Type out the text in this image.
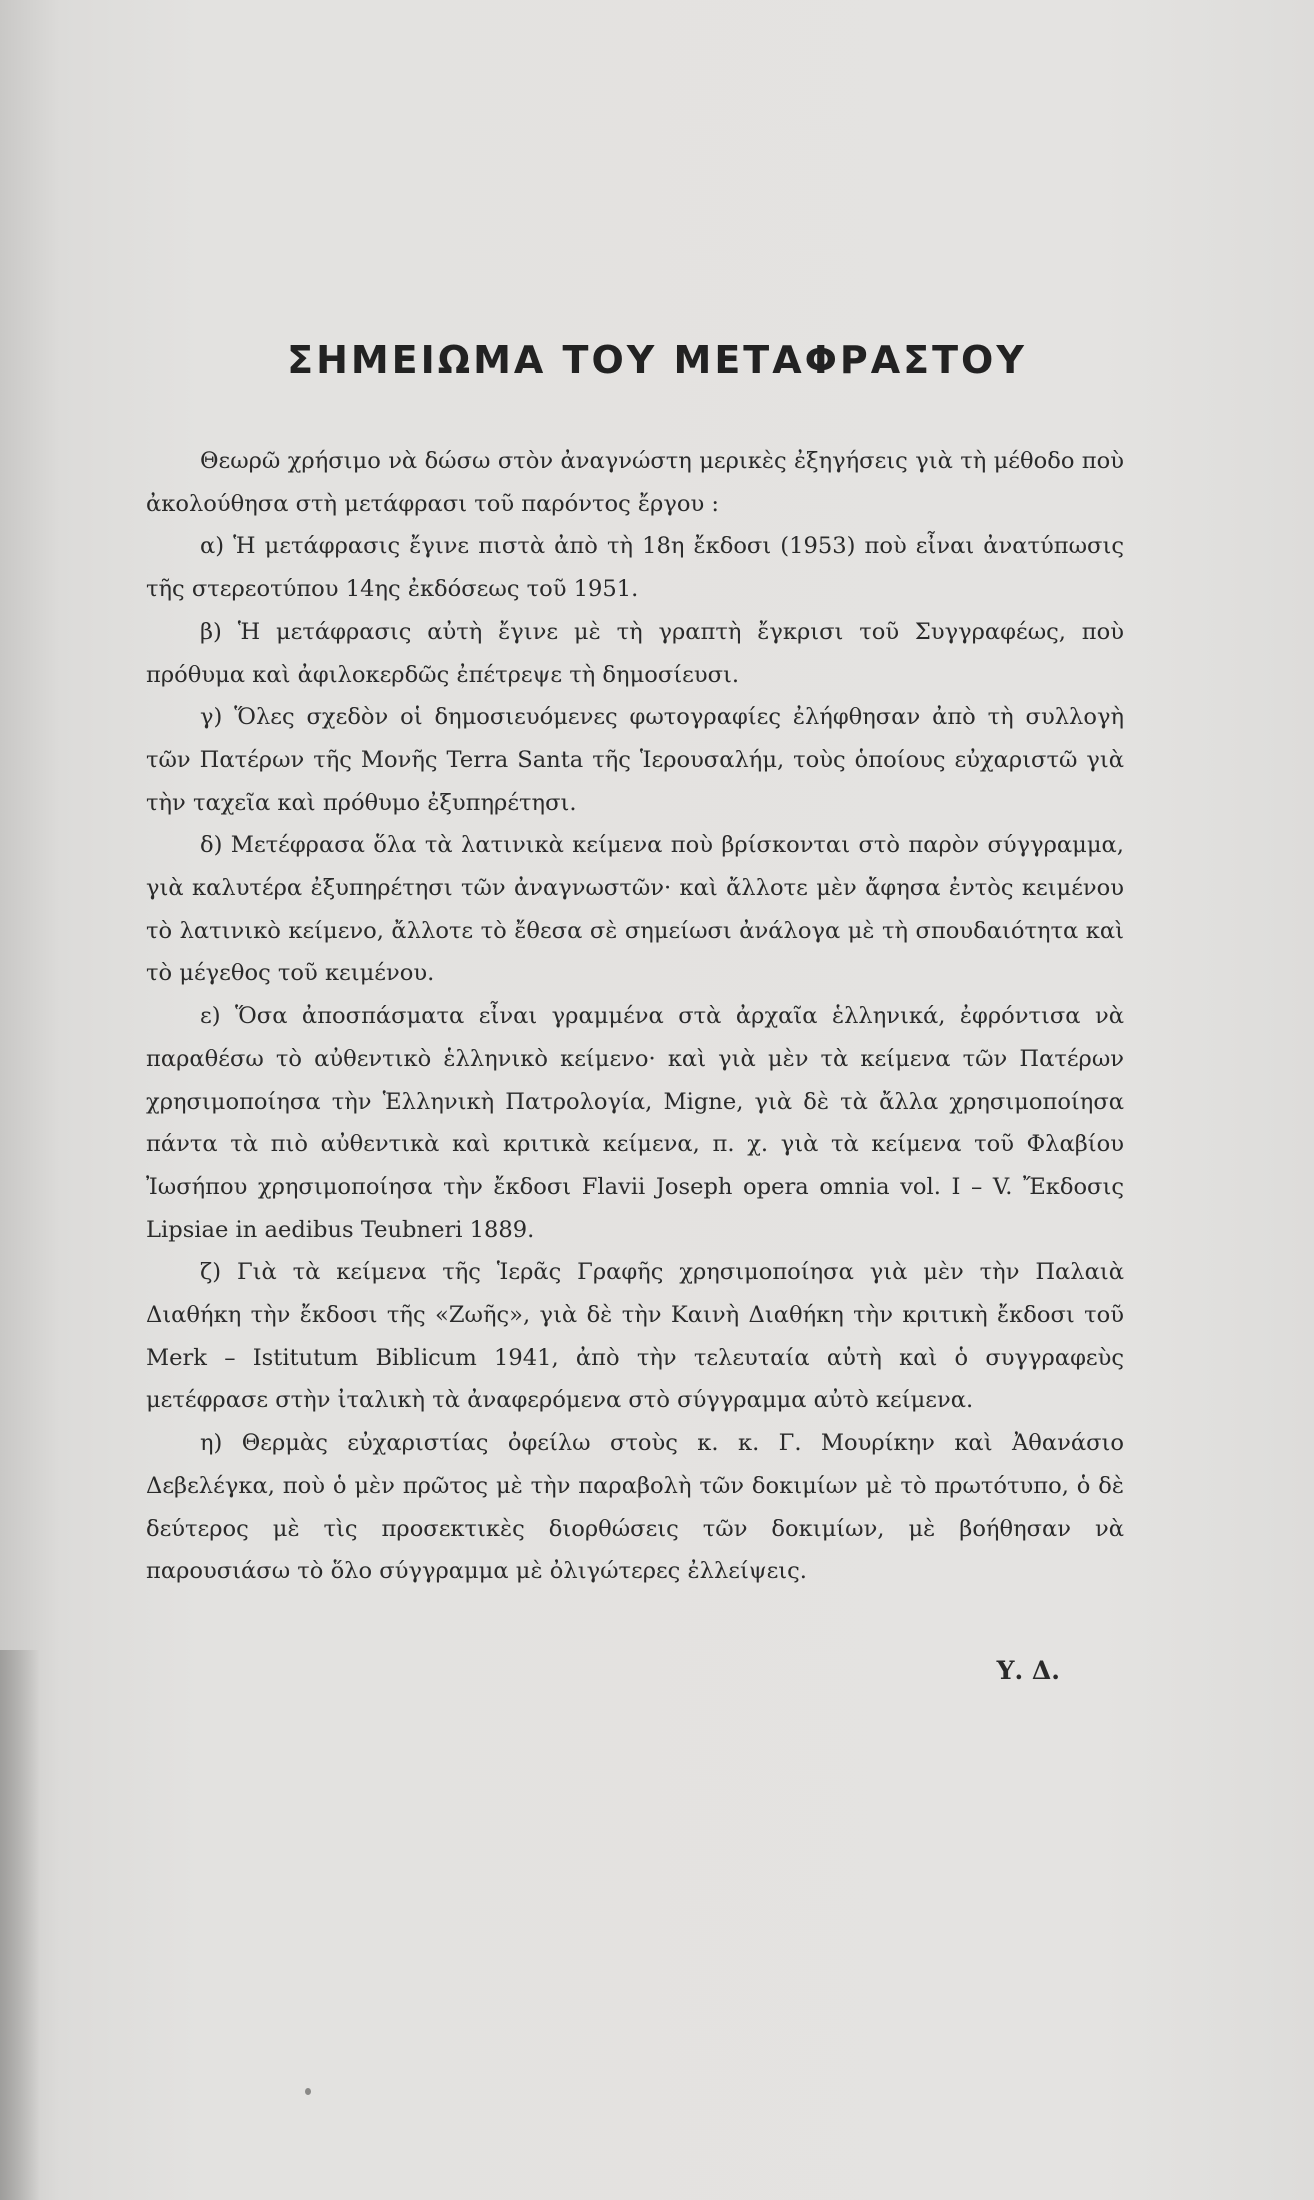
ΣΗΜΕΙΩΜΑ ΤΟΥ ΜΕΤΑΦΡΑΣΤΟΥ

Θεωρῶ χρήσιμο νὰ δώσω στὸν ἀναγνώστη μερικὲς ἐξηγήσεις γιὰ τὴ μέθοδο ποὺ ἀκολούθησα στὴ μετάφρασι τοῦ παρόντος ἔργου :

α) Ἡ μετάφρασις ἔγινε πιστὰ ἀπὸ τὴ 18η ἔκδοσι (1953) ποὺ εἶναι ἀνατύπωσις τῆς στερεοτύπου 14ης ἐκδόσεως τοῦ 1951.

β) Ἡ μετάφρασις αὐτὴ ἔγινε μὲ τὴ γραπτὴ ἔγκρισι τοῦ Συγγραφέως, ποὺ πρόθυμα καὶ ἀφιλοκερδῶς ἐπέτρεψε τὴ δημοσίευσι.

γ) Ὅλες σχεδὸν οἱ δημοσιευόμενες φωτογραφίες ἐλήφθησαν ἀπὸ τὴ συλλογὴ τῶν Πατέρων τῆς Μονῆς Terra Santa τῆς Ἱερουσαλήμ, τοὺς ὁποίους εὐχαριστῶ γιὰ τὴν ταχεῖα καὶ πρόθυμο ἐξυπηρέτησι.

δ) Μετέφρασα ὅλα τὰ λατινικὰ κείμενα ποὺ βρίσκονται στὸ παρὸν σύγγραμμα, γιὰ καλυτέρα ἐξυπηρέτησι τῶν ἀναγνωστῶν· καὶ ἄλλοτε μὲν ἄφησα ἐντὸς κειμένου τὸ λατινικὸ κείμενο, ἄλλοτε τὸ ἔθεσα σὲ σημείωσι ἀνάλογα μὲ τὴ σπουδαιότητα καὶ τὸ μέγεθος τοῦ κειμένου.

ε) Ὅσα ἀποσπάσματα εἶναι γραμμένα στὰ ἀρχαῖα ἑλληνικά, ἐφρόντισα νὰ παραθέσω τὸ αὐθεντικὸ ἑλληνικὸ κείμενο· καὶ γιὰ μὲν τὰ κείμενα τῶν Πατέρων χρησιμοποίησα τὴν Ἑλληνικὴ Πατρολογία, Migne, γιὰ δὲ τὰ ἄλλα χρησιμοποίησα πάντα τὰ πιὸ αὐθεντικὰ καὶ κριτικὰ κείμενα, π. χ. γιὰ τὰ κείμενα τοῦ Φλαβίου Ἰωσήπου χρησιμοποίησα τὴν ἔκδοσι Flavii Joseph opera omnia vol. I – V. Ἔκδοσις Lipsiae in aedibus Teubneri 1889.

ζ) Γιὰ τὰ κείμενα τῆς Ἱερᾶς Γραφῆς χρησιμοποίησα γιὰ μὲν τὴν Παλαιὰ Διαθήκη τὴν ἔκδοσι τῆς «Ζωῆς», γιὰ δὲ τὴν Καινὴ Διαθήκη τὴν κριτικὴ ἔκδοσι τοῦ Merk – Istitutum Biblicum 1941, ἀπὸ τὴν τελευταία αὐτὴ καὶ ὁ συγγραφεὺς μετέφρασε στὴν ἰταλικὴ τὰ ἀναφερόμενα στὸ σύγγραμμα αὐτὸ κείμενα.

η) Θερμὰς εὐχαριστίας ὀφείλω στοὺς κ. κ. Γ. Μουρίκην καὶ Ἀθανάσιο Δεβελέγκα, ποὺ ὁ μὲν πρῶτος μὲ τὴν παραβολὴ τῶν δοκιμίων μὲ τὸ πρωτότυπο, ὁ δὲ δεύτερος μὲ τὶς προσεκτικὲς διορθώσεις τῶν δοκιμίων, μὲ βοήθησαν νὰ παρουσιάσω τὸ ὅλο σύγγραμμα μὲ ὀλιγώτερες ἐλλείψεις.

Υ. Δ.
